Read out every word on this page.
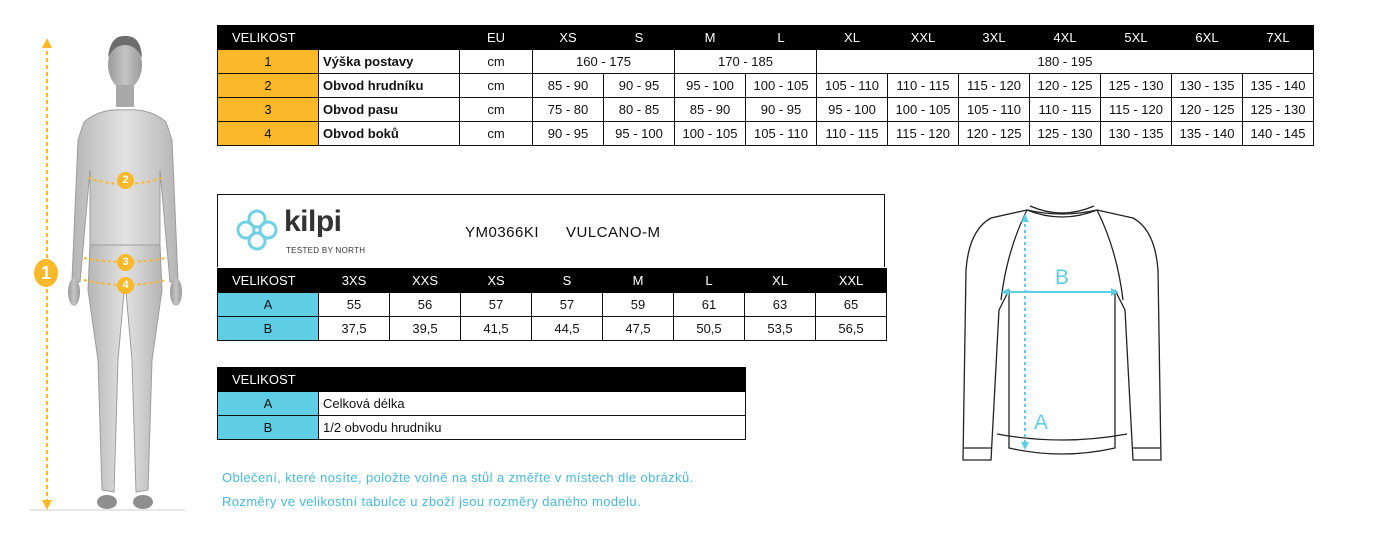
1
2
3
4
VELIKOST		EU	XS	S	M	L	XL	XXL	3XL	4XL	5XL	6XL	7XL
1	Výška postavy	cm	160 - 175		170 - 185		180 - 195						
2	Obvod hrudníku	cm	85 - 90	90 - 95	95 - 100	100 - 105	105 - 110	110 - 115	115 - 120	120 - 125	125 - 130	130 - 135	135 - 140
3	Obvod pasu	cm	75 - 80	80 - 85	85 - 90	90 - 95	95 - 100	100 - 105	105 - 110	110 - 115	115 - 120	120 - 125	125 - 130
4	Obvod boků	cm	90 - 95	95 - 100	100 - 105	105 - 110	110 - 115	115 - 120	120 - 125	125 - 130	130 - 135	135 - 140	140 - 145
kilpi
TESTED BY NORTH
YM0366KI VULCANO-M
VELIKOST	3XS	XXS	XS	S	M	L	XL	XXL
A	55	56	57	57	59	61	63	65
B	37,5	39,5	41,5	44,5	47,5	50,5	53,5	56,5
VELIKOST	
A	Celková délka
B	1/2 obvodu hrudníku
B
A
Oblečení, které nosíte, položte volně na stůl a změřte v místech dle obrázků.
Rozměry ve velikostní tabulce u zboží jsou rozměry daného modelu.
